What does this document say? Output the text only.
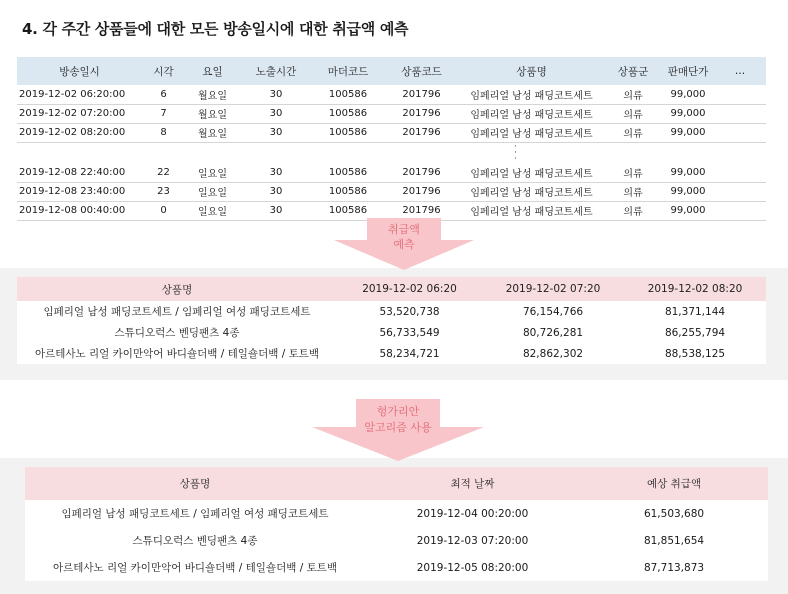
4. 각 주간 상품들에 대한 모든 방송일시에 대한 취급액 예측
방송일시	시각	요일	노출시간	마더코드	상품코드	상품명	상품군	판매단가	…
2019-12-02 06:20:00	6	월요일	30	100586	201796	임페리얼 남성 패딩코트세트	의류	99,000	
2019-12-02 07:20:00	7	월요일	30	100586	201796	임페리얼 남성 패딩코트세트	의류	99,000	
2019-12-02 08:20:00	8	월요일	30	100586	201796	임페리얼 남성 패딩코트세트	의류	99,000	

					·
·
·				

2019-12-08 22:40:00	22	일요일	30	100586	201796	임페리얼 남성 패딩코트세트	의류	99,000	
2019-12-08 23:40:00	23	일요일	30	100586	201796	임페리얼 남성 패딩코트세트	의류	99,000	
2019-12-08 00:40:00	0	일요일	30	100586	201796	임페리얼 남성 패딩코트세트	의류	99,000	
취급액
예측
상품명	2019-12-02 06:20	2019-12-02 07:20	2019-12-02 08:20
임페리얼 남성 패딩코트세트 / 임페리얼 여성 패딩코트세트	53,520,738	76,154,766	81,371,144
스튜디오럭스 벤딩팬츠 4종	56,733,549	80,726,281	86,255,794
아르테사노 리얼 카이만악어 바디숄더백 / 테일숄더백 / 토트백	58,234,721	82,862,302	88,538,125
헝가리안
알고리즘 사용
상품명	최적 날짜	예상 취급액
임페리얼 남성 패딩코트세트 / 임페리얼 여성 패딩코트세트	2019-12-04 00:20:00	61,503,680
스튜디오럭스 벤딩팬츠 4종	2019-12-03 07:20:00	81,851,654
아르테사노 리얼 카이만악어 바디숄더백 / 테일숄더백 / 토트백	2019-12-05 08:20:00	87,713,873
